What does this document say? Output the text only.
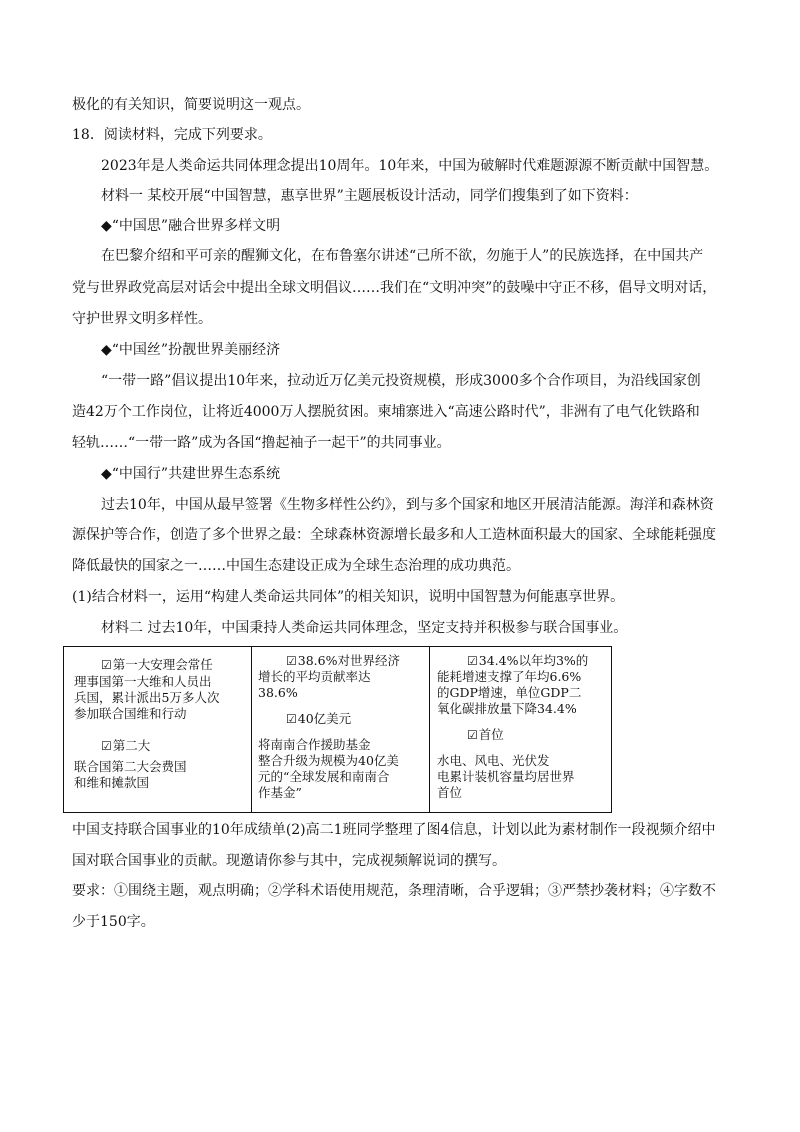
极化的有关知识，简要说明这一观点。
18．阅读材料，完成下列要求。
2023年是人类命运共同体理念提出10周年。10年来，中国为破解时代难题源源不断贡献中国智慧。
材料一 某校开展“中国智慧，惠享世界”主题展板设计活动，同学们搜集到了如下资料：
◆“中国思”融合世界多样文明
在巴黎介绍和平可亲的醒狮文化，在布鲁塞尔讲述“己所不欲，勿施于人”的民族选择，在中国共产
党与世界政党高层对话会中提出全球文明倡议……我们在“文明冲突”的鼓噪中守正不移，倡导文明对话，
守护世界文明多样性。
◆“中国丝”扮靓世界美丽经济
“一带一路”倡议提出10年来，拉动近万亿美元投资规模，形成3000多个合作项目，为沿线国家创
造42万个工作岗位，让将近4000万人摆脱贫困。柬埔寨进入“高速公路时代”，非洲有了电气化铁路和
轻轨……“一带一路”成为各国“撸起袖子一起干”的共同事业。
◆“中国行”共建世界生态系统
过去10年，中国从最早签署《生物多样性公约》，到与多个国家和地区开展清洁能源。海洋和森林资
源保护等合作，创造了多个世界之最：全球森林资源增长最多和人工造林面积最大的国家、全球能耗强度
降低最快的国家之一……中国生态建设正成为全球生态治理的成功典范。
(1)结合材料一，运用“构建人类命运共同体”的相关知识，说明中国智慧为何能惠享世界。
材料二 过去10年，中国秉持人类命运共同体理念，坚定支持并积极参与联合国事业。
☑第一大安理会常任
理事国第一大维和人员出
兵国，累计派出5万多人次
参加联合国维和行动
☑第二大
联合国第二大会费国
和维和摊款国
☑38.6%对世界经济
增长的平均贡献率达
38.6%
☑40亿美元
将南南合作援助基金
整合升级为规模为40亿美
元的“全球发展和南南合
作基金”
☑34.4%以年均3%的
能耗增速支撑了年均6.6%
的GDP增速，单位GDP二
氧化碳排放量下降34.4%
☑首位
水电、风电、光伏发
电累计装机容量均居世界
首位
中国支持联合国事业的10年成绩单(2)高二1班同学整理了图4信息，计划以此为素材制作一段视频介绍中
国对联合国事业的贡献。现邀请你参与其中，完成视频解说词的撰写。
要求：①围绕主题，观点明确；②学科术语使用规范，条理清晰，合乎逻辑；③严禁抄袭材料；④字数不
少于150字。
